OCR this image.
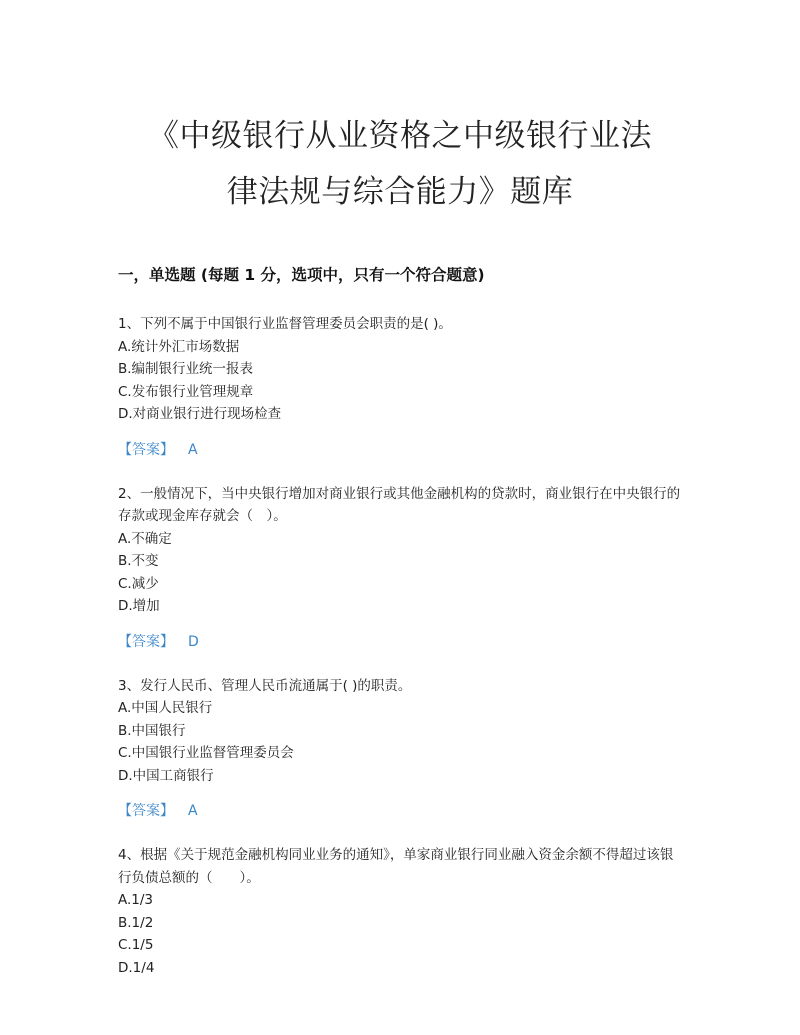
《中级银行从业资格之中级银行业法
律法规与综合能力》题库
一，单选题 (每题 1 分，选项中，只有一个符合题意)

1、下列不属于中国银行业监督管理委员会职责的是( )。

A.统计外汇市场数据
B.编制银行业统一报表
C.发布银行业管理规章
D.对商业银行进行现场检查
【答案】 A

2、一般情况下，当中央银行增加对商业银行或其他金融机构的贷款时，商业银行在中央银行的存款或现金库存就会（　）。

A.不确定
B.不变
C.减少
D.增加
【答案】 D

3、发行人民币、管理人民币流通属于( )的职责。

A.中国人民银行
B.中国银行
C.中国银行业监督管理委员会
D.中国工商银行
【答案】 A

4、根据《关于规范金融机构同业业务的通知》，单家商业银行同业融入资金余额不得超过该银行负债总额的（　　）。

A.1/3
B.1/2
C.1/5
D.1/4
